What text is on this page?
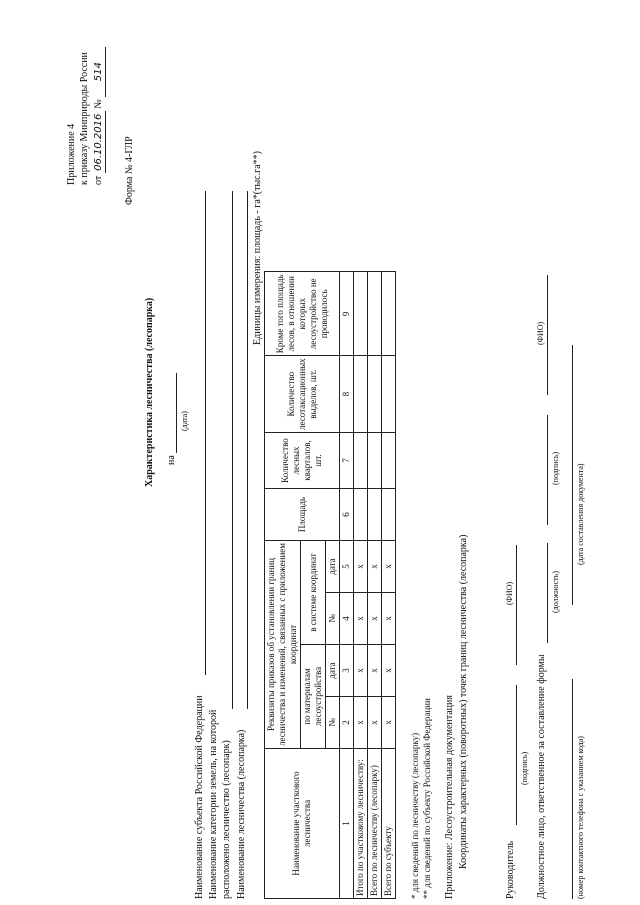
Приложение 4 к приказу Минприроды России от 06.10.2016 № 514
Форма № 4-ГЛР
Характеристика лесничества (лесопарка) на
(дата)
Наименование субъекта Российской Федерации Наименование категории земель, на которой расположено лесничество (лесопарк) Наименование лесничества (лесопарка)
Единицы измерения: площадь - га*(тыс.га**)
Наименование участкового лесничества	Реквизиты приказов об установлении границ лесничества и изменений, связанных с приложением координат				Площадь	Количество лесных кварталов, шт.	Количество лесотаксационных выделов, шт.	Кроме того площадь лесов, в отношении которых лесоустройство не проводилось
	по материалам лесоустройства		в системе координат					
	№	дата	№	дата				
1	2	3	4	5	6	7	8	9
Итого по участковому лесничеству:	х	х	х	х				
Всего по лесничеству (лесопарку)	х	х	х	х				
Всего по субъекту	х	х	х	х				
* для сведений по лесничеству (лесопарку) ** для сведений по субъекту Российской Федерации Приложение: Лесоустроительная документация Координаты характерных (поворотных) точек границ лесничества (лесопарка)
Руководитель
(ФИО)
(подпись) Должностное лицо, ответственное за составление формы
(должность)
(подпись)
(ФИО)
(номер контактного телефона с указанием кода)
(дата составления документа)
